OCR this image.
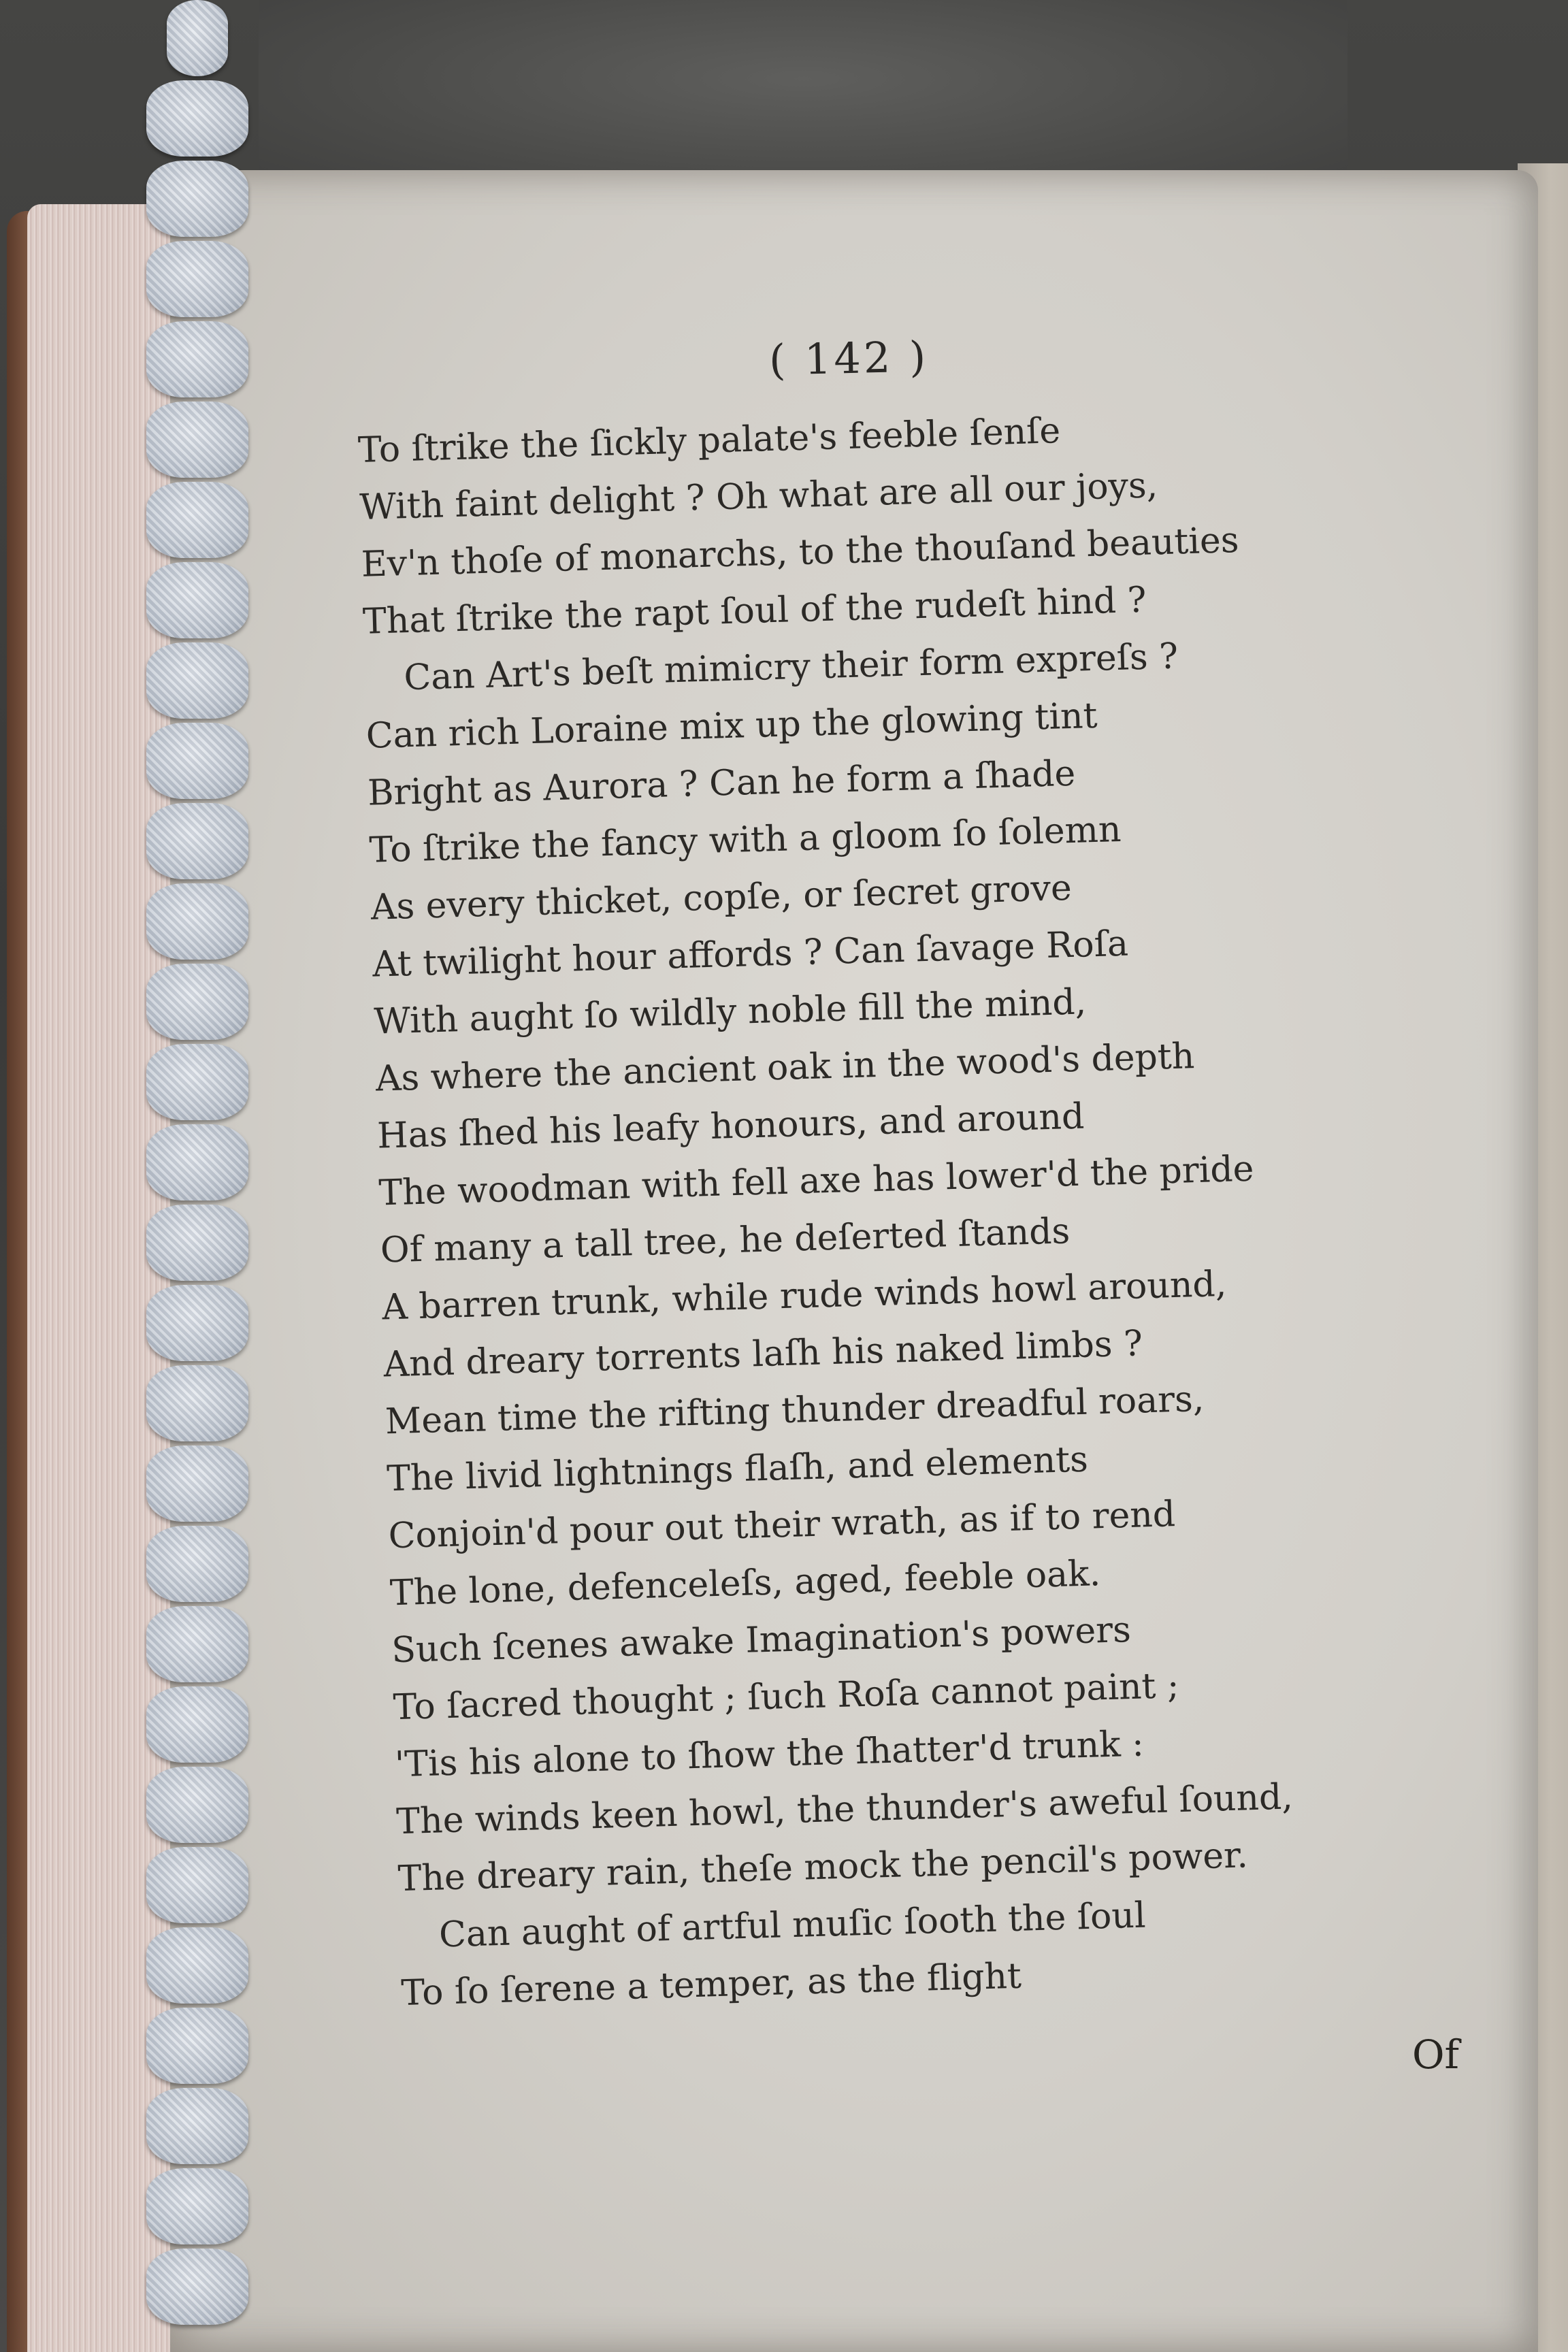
To ſtrike the ſickly palate's feeble ſenſe
With faint delight ? Oh what are all our joys,
Ev'n thoſe of monarchs, to the thouſand beauties
That ſtrike the rapt ſoul of the rudeſt hind ?
Can Art's beſt mimicry their form expreſs ?
Can rich Loraine mix up the glowing tint
Bright as Aurora ? Can he form a ſhade
To ſtrike the fancy with a gloom ſo ſolemn
As every thicket, copſe, or ſecret grove
At twilight hour affords ? Can ſavage Roſa
With aught ſo wildly noble fill the mind,
As where the ancient oak in the wood's depth
Has ſhed his leafy honours, and around
The woodman with fell axe has lower'd the pride
Of many a tall tree, he deſerted ſtands
A barren trunk, while rude winds howl around,
And dreary torrents laſh his naked limbs ?
Mean time the rifting thunder dreadful roars,
The livid lightnings flaſh, and elements
Conjoin'd pour out their wrath, as if to rend
The lone, defenceleſs, aged, feeble oak.
Such ſcenes awake Imagination's powers
To ſacred thought ; ſuch Roſa cannot paint ;
'Tis his alone to ſhow the ſhatter'd trunk :
The winds keen howl, the thunder's aweful ſound,
The dreary rain, theſe mock the pencil's power.
Can aught of artful muſic ſooth the ſoul
To ſo ſerene a temper, as the flight
( 142 )
Of
